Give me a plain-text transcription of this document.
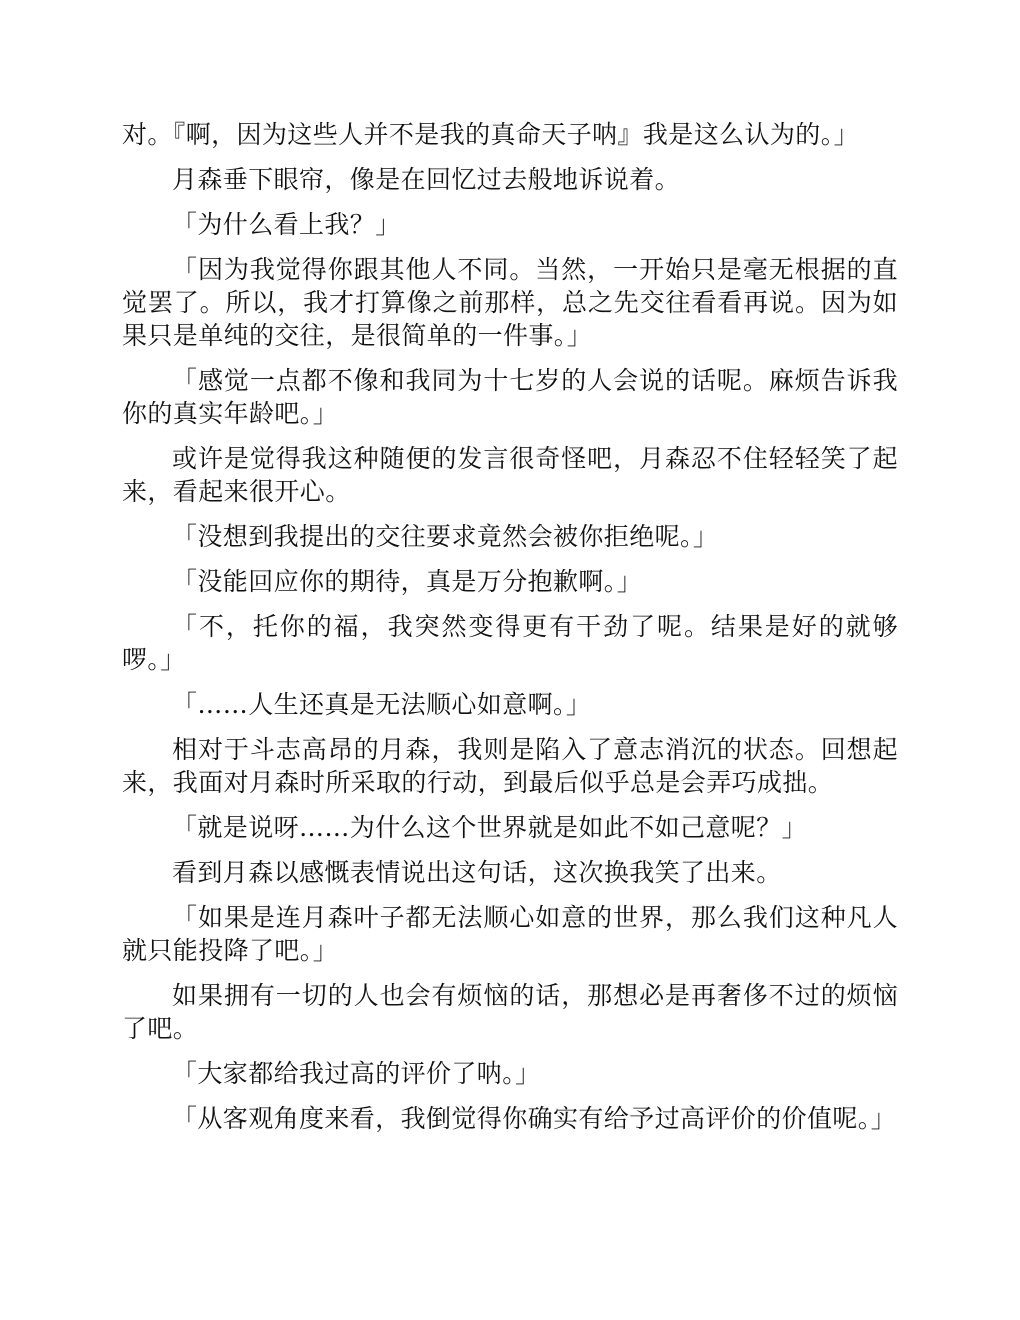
对。『啊，因为这些人并不是我的真命天子呐』我是这么认为的。」

月森垂下眼帘，像是在回忆过去般地诉说着。

「为什么看上我？」

「因为我觉得你跟其他人不同。当然，一开始只是毫无根据的直觉罢了。所以，我才打算像之前那样，总之先交往看看再说。因为如果只是单纯的交往，是很简单的一件事。」

「感觉一点都不像和我同为十七岁的人会说的话呢。麻烦告诉我你的真实年龄吧。」

或许是觉得我这种随便的发言很奇怪吧，月森忍不住轻轻笑了起来，看起来很开心。

「没想到我提出的交往要求竟然会被你拒绝呢。」

「没能回应你的期待，真是万分抱歉啊。」

「不，托你的福，我突然变得更有干劲了呢。结果是好的就够啰。」

「……人生还真是无法顺心如意啊。」

相对于斗志高昂的月森，我则是陷入了意志消沉的状态。回想起来，我面对月森时所采取的行动，到最后似乎总是会弄巧成拙。

「就是说呀……为什么这个世界就是如此不如己意呢？」

看到月森以感慨表情说出这句话，这次换我笑了出来。

「如果是连月森叶子都无法顺心如意的世界，那么我们这种凡人就只能投降了吧。」

如果拥有一切的人也会有烦恼的话，那想必是再奢侈不过的烦恼了吧。

「大家都给我过高的评价了呐。」

「从客观角度来看，我倒觉得你确实有给予过高评价的价值呢。」
